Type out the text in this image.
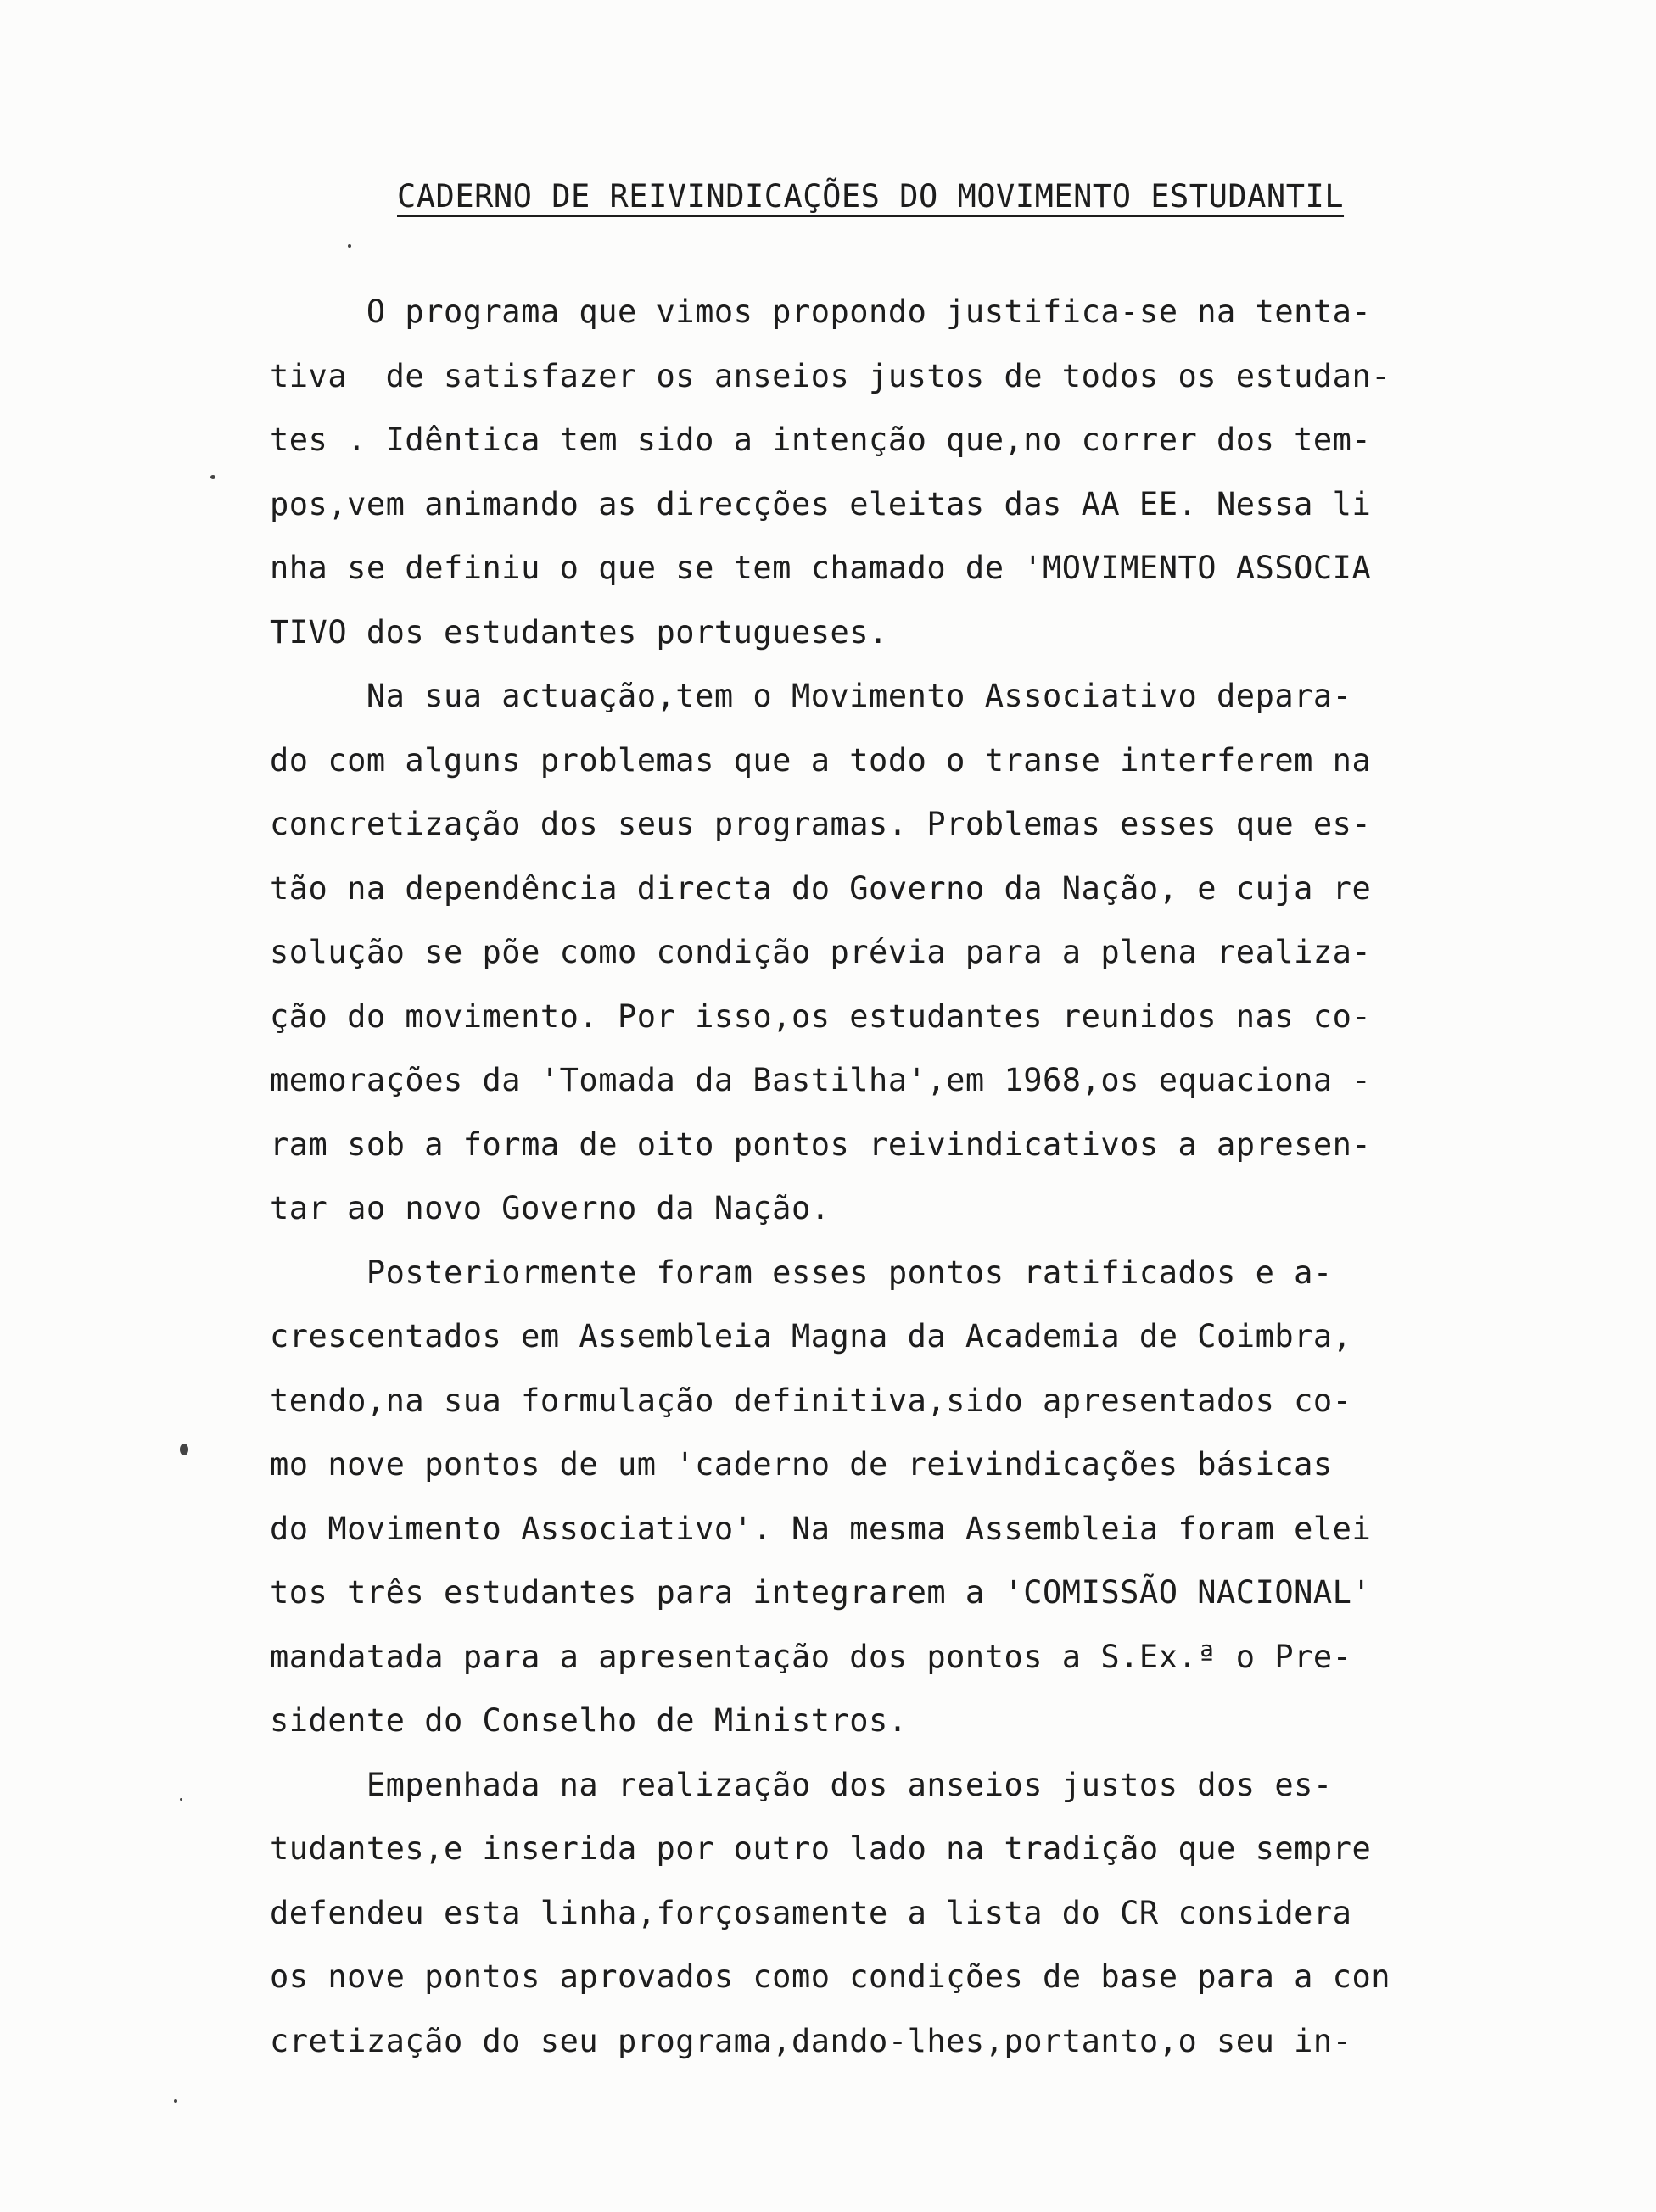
CADERNO DE REIVINDICAÇÕES DO MOVIMENTO ESTUDANTIL
O programa que vimos propondo justifica-se na tenta-
tiva  de satisfazer os anseios justos de todos os estudan-
tes . Idêntica tem sido a intenção que,no correr dos tem-
pos,vem animando as direcções eleitas das AA EE. Nessa li
nha se definiu o que se tem chamado de 'MOVIMENTO ASSOCIA
TIVO dos estudantes portugueses.
Na sua actuação,tem o Movimento Associativo depara-
do com alguns problemas que a todo o transe interferem na
concretização dos seus programas. Problemas esses que es-
tão na dependência directa do Governo da Nação, e cuja re
solução se põe como condição prévia para a plena realiza-
ção do movimento. Por isso,os estudantes reunidos nas co-
memorações da 'Tomada da Bastilha',em 1968,os equaciona -
ram sob a forma de oito pontos reivindicativos a apresen-
tar ao novo Governo da Nação.
Posteriormente foram esses pontos ratificados e a-
crescentados em Assembleia Magna da Academia de Coimbra,
tendo,na sua formulação definitiva,sido apresentados co-
mo nove pontos de um 'caderno de reivindicações básicas
do Movimento Associativo'. Na mesma Assembleia foram elei
tos três estudantes para integrarem a 'COMISSÃO NACIONAL'
mandatada para a apresentação dos pontos a S.Ex.ª o Pre-
sidente do Conselho de Ministros.
Empenhada na realização dos anseios justos dos es-
tudantes,e inserida por outro lado na tradição que sempre
defendeu esta linha,forçosamente a lista do CR considera
os nove pontos aprovados como condições de base para a con
cretização do seu programa,dando-lhes,portanto,o seu in-
